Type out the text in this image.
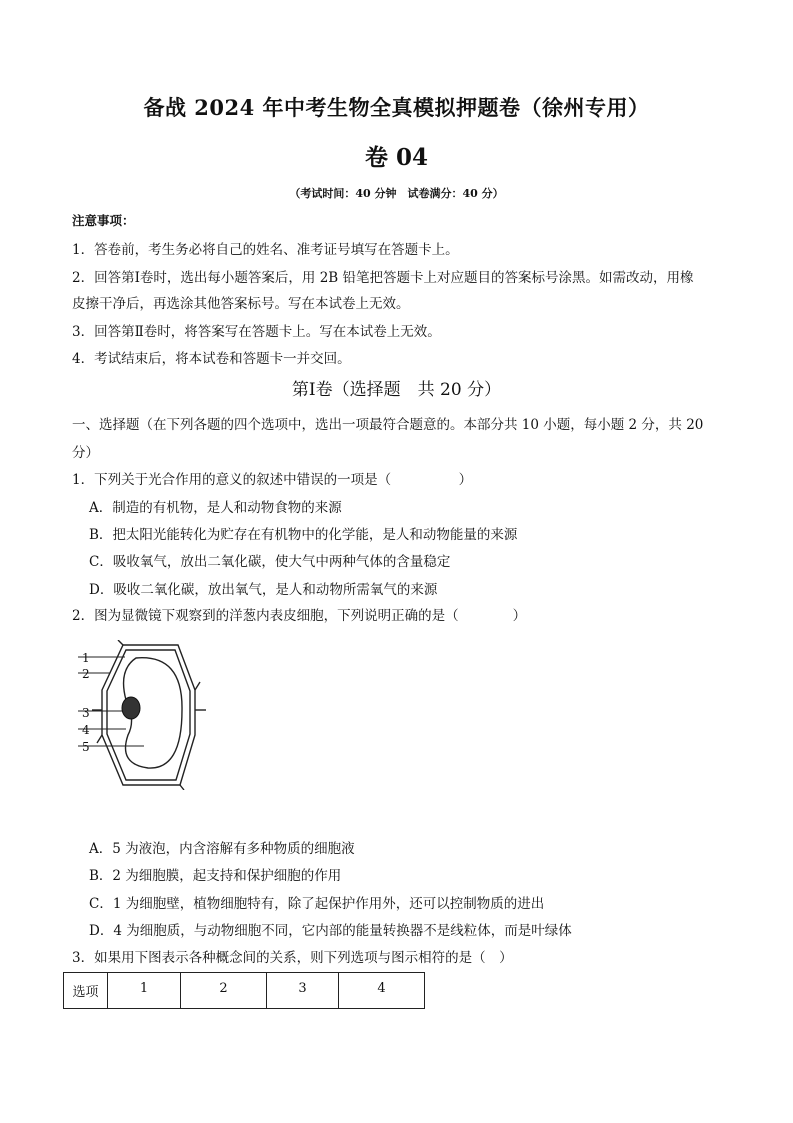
备战 2024 年中考生物全真模拟押题卷（徐州专用）
卷 04
（考试时间：40 分钟　试卷满分：40 分）
注意事项：
1．答卷前，考生务必将自己的姓名、准考证号填写在答题卡上。
2．回答第Ⅰ卷时，选出每小题答案后，用 2B 铅笔把答题卡上对应题目的答案标号涂黑。如需改动，用橡
皮擦干净后，再选涂其他答案标号。写在本试卷上无效。
3．回答第Ⅱ卷时，将答案写在答题卡上。写在本试卷上无效。
4．考试结束后，将本试卷和答题卡一并交回。
第Ⅰ卷（选择题　共 20 分）
一、选择题（在下列各题的四个选项中，选出一项最符合题意的。本部分共 10 小题，每小题 2 分，共 20
分）
1．下列关于光合作用的意义的叙述中错误的一项是（　　　　　）
A．制造的有机物，是人和动物食物的来源
B．把太阳光能转化为贮存在有机物中的化学能，是人和动物能量的来源
C．吸收氧气，放出二氧化碳，使大气中两种气体的含量稳定
D．吸收二氧化碳，放出氧气，是人和动物所需氧气的来源
2．图为显微镜下观察到的洋葱内表皮细胞，下列说明正确的是（　　　　）
1
2
3
4
5
A．5 为液泡，内含溶解有多种物质的细胞液
B．2 为细胞膜，起支持和保护细胞的作用
C．1 为细胞壁，植物细胞特有，除了起保护作用外，还可以控制物质的进出
D．4 为细胞质，与动物细胞不同，它内部的能量转换器不是线粒体，而是叶绿体
3．如果用下图表示各种概念间的关系，则下列选项与图示相符的是（　）
选项	1	2	3	4
